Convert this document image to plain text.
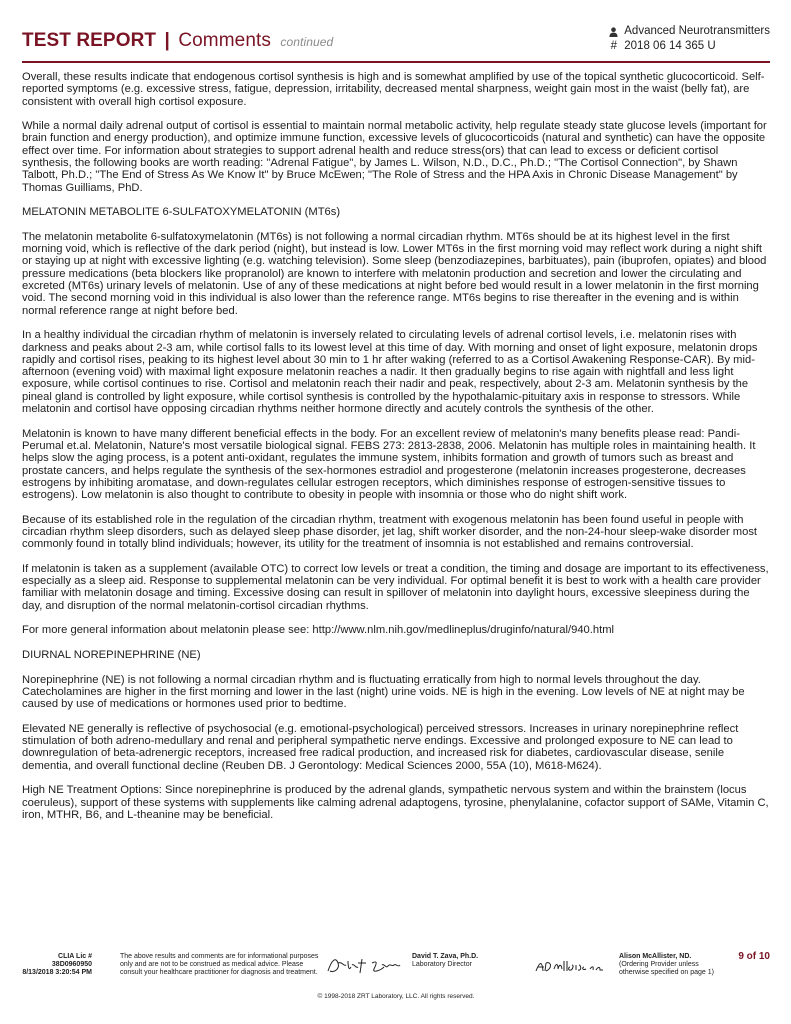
TEST REPORT | Comments continued
Advanced Neurotransmitters
# 2018 06 14 365 U

Overall, these results indicate that endogenous cortisol synthesis is high and is somewhat amplified by use of the topical synthetic glucocorticoid. Self-reported symptoms (e.g. excessive stress, fatigue, depression, irritability, decreased mental sharpness, weight gain most in the waist (belly fat), are consistent with overall high cortisol exposure.

While a normal daily adrenal output of cortisol is essential to maintain normal metabolic activity, help regulate steady state glucose levels (important for brain function and energy production), and optimize immune function, excessive levels of glucocorticoids (natural and synthetic) can have the opposite effect over time. For information about strategies to support adrenal health and reduce stress(ors) that can lead to excess or deficient cortisol synthesis, the following books are worth reading: "Adrenal Fatigue", by James L. Wilson, N.D., D.C., Ph.D.; "The Cortisol Connection", by Shawn Talbott, Ph.D.; "The End of Stress As We Know It" by Bruce McEwen; "The Role of Stress and the HPA Axis in Chronic Disease Management" by Thomas Guilliams, PhD.

MELATONIN METABOLITE 6-SULFATOXYMELATONIN (MT6s)

The melatonin metabolite 6-sulfatoxymelatonin (MT6s) is not following a normal circadian rhythm. MT6s should be at its highest level in the first morning void, which is reflective of the dark period (night), but instead is low. Lower MT6s in the first morning void may reflect work during a night shift or staying up at night with excessive lighting (e.g. watching television). Some sleep (benzodiazepines, barbituates), pain (ibuprofen, opiates) and blood pressure medications (beta blockers like propranolol) are known to interfere with melatonin production and secretion and lower the circulating and excreted (MT6s) urinary levels of melatonin. Use of any of these medications at night before bed would result in a lower melatonin in the first morning void. The second morning void in this individual is also lower than the reference range. MT6s begins to rise thereafter in the evening and is within normal reference range at night before bed.

In a healthy individual the circadian rhythm of melatonin is inversely related to circulating levels of adrenal cortisol levels, i.e. melatonin rises with darkness and peaks about 2-3 am, while cortisol falls to its lowest level at this time of day. With morning and onset of light exposure, melatonin drops rapidly and cortisol rises, peaking to its highest level about 30 min to 1 hr after waking (referred to as a Cortisol Awakening Response-CAR). By mid-afternoon (evening void) with maximal light exposure melatonin reaches a nadir. It then gradually begins to rise again with nightfall and less light exposure, while cortisol continues to rise. Cortisol and melatonin reach their nadir and peak, respectively, about 2-3 am. Melatonin synthesis by the pineal gland is controlled by light exposure, while cortisol synthesis is controlled by the hypothalamic-pituitary axis in response to stressors. While melatonin and cortisol have opposing circadian rhythms neither hormone directly and acutely controls the synthesis of the other.

Melatonin is known to have many different beneficial effects in the body. For an excellent review of melatonin's many benefits please read: Pandi-Perumal et.al. Melatonin, Nature's most versatile biological signal. FEBS 273: 2813-2838, 2006. Melatonin has multiple roles in maintaining health. It helps slow the aging process, is a potent anti-oxidant, regulates the immune system, inhibits formation and growth of tumors such as breast and prostate cancers, and helps regulate the synthesis of the sex-hormones estradiol and progesterone (melatonin increases progesterone, decreases estrogens by inhibiting aromatase, and down-regulates cellular estrogen receptors, which diminishes response of estrogen-sensitive tissues to estrogens). Low melatonin is also thought to contribute to obesity in people with insomnia or those who do night shift work.

Because of its established role in the regulation of the circadian rhythm, treatment with exogenous melatonin has been found useful in people with circadian rhythm sleep disorders, such as delayed sleep phase disorder, jet lag, shift worker disorder, and the non-24-hour sleep-wake disorder most commonly found in totally blind individuals; however, its utility for the treatment of insomnia is not established and remains controversial.

If melatonin is taken as a supplement (available OTC) to correct low levels or treat a condition, the timing and dosage are important to its effectiveness, especially as a sleep aid. Response to supplemental melatonin can be very individual. For optimal benefit it is best to work with a health care provider familiar with melatonin dosage and timing. Excessive dosing can result in spillover of melatonin into daylight hours, excessive sleepiness during the day, and disruption of the normal melatonin-cortisol circadian rhythms.

For more general information about melatonin please see: http://www.nlm.nih.gov/medlineplus/druginfo/natural/940.html

DIURNAL NOREPINEPHRINE (NE)

Norepinephrine (NE) is not following a normal circadian rhythm and is fluctuating erratically from high to normal levels throughout the day. Catecholamines are higher in the first morning and lower in the last (night) urine voids. NE is high in the evening. Low levels of NE at night may be caused by use of medications or hormones used prior to bedtime.

Elevated NE generally is reflective of psychosocial (e.g. emotional-psychological) perceived stressors. Increases in urinary norepinephrine reflect stimulation of both adreno-medullary and renal and peripheral sympathetic nerve endings. Excessive and prolonged exposure to NE can lead to downregulation of beta-adrenergic receptors, increased free radical production, and increased risk for diabetes, cardiovascular disease, senile dementia, and overall functional decline (Reuben DB. J Gerontology: Medical Sciences 2000, 55A (10), M618-M624).

High NE Treatment Options: Since norepinephrine is produced by the adrenal glands, sympathetic nervous system and within the brainstem (locus coeruleus), support of these systems with supplements like calming adrenal adaptogens, tyrosine, phenylalanine, cofactor support of SAMe, Vitamin C, iron, MTHR, B6, and L-theanine may be beneficial.

CLIA Lic # 38D0960950
8/13/2018 3:20:54 PM
The above results and comments are for informational purposes only and are not to be construed as medical advice. Please consult your healthcare practitioner for diagnosis and treatment.
David T. Zava, Ph.D.
Laboratory Director
Alison McAllister, ND.
(Ordering Provider unless otherwise specified on page 1)
9 of 10
© 1998-2018 ZRT Laboratory, LLC. All rights reserved.
